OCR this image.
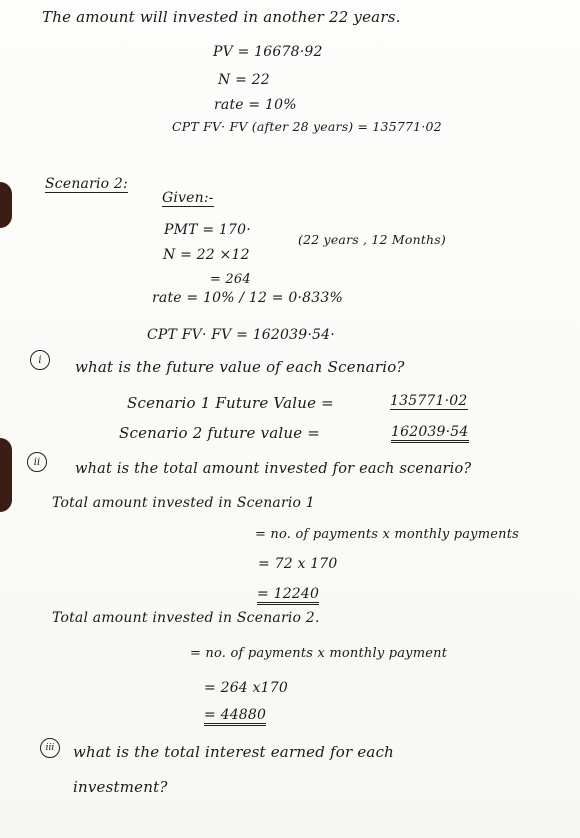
The amount will invested in another 22 years.
PV = 16678·92
N = 22
rate = 10%
CPT FV· FV (after 28 years) = 135771·02
Scenario 2:
Given:-
PMT = 170·
N = 22 ×12
(22 years , 12 Months)
= 264
rate = 10% / 12 = 0·833%
CPT FV· FV = 162039·54·
i	what is the future value of each Scenario?
Scenario 1 Future Value =	135771·02
Scenario 2 future value =	162039·54
ii	what is the total amount invested for each scenario?
Total amount invested in Scenario 1
= no. of payments x monthly payments
= 72 x 170
= 12240
Total amount invested in Scenario 2.
= no. of payments x monthly payment
= 264 x170
= 44880
iii	what is the total interest earned for each
investment?
